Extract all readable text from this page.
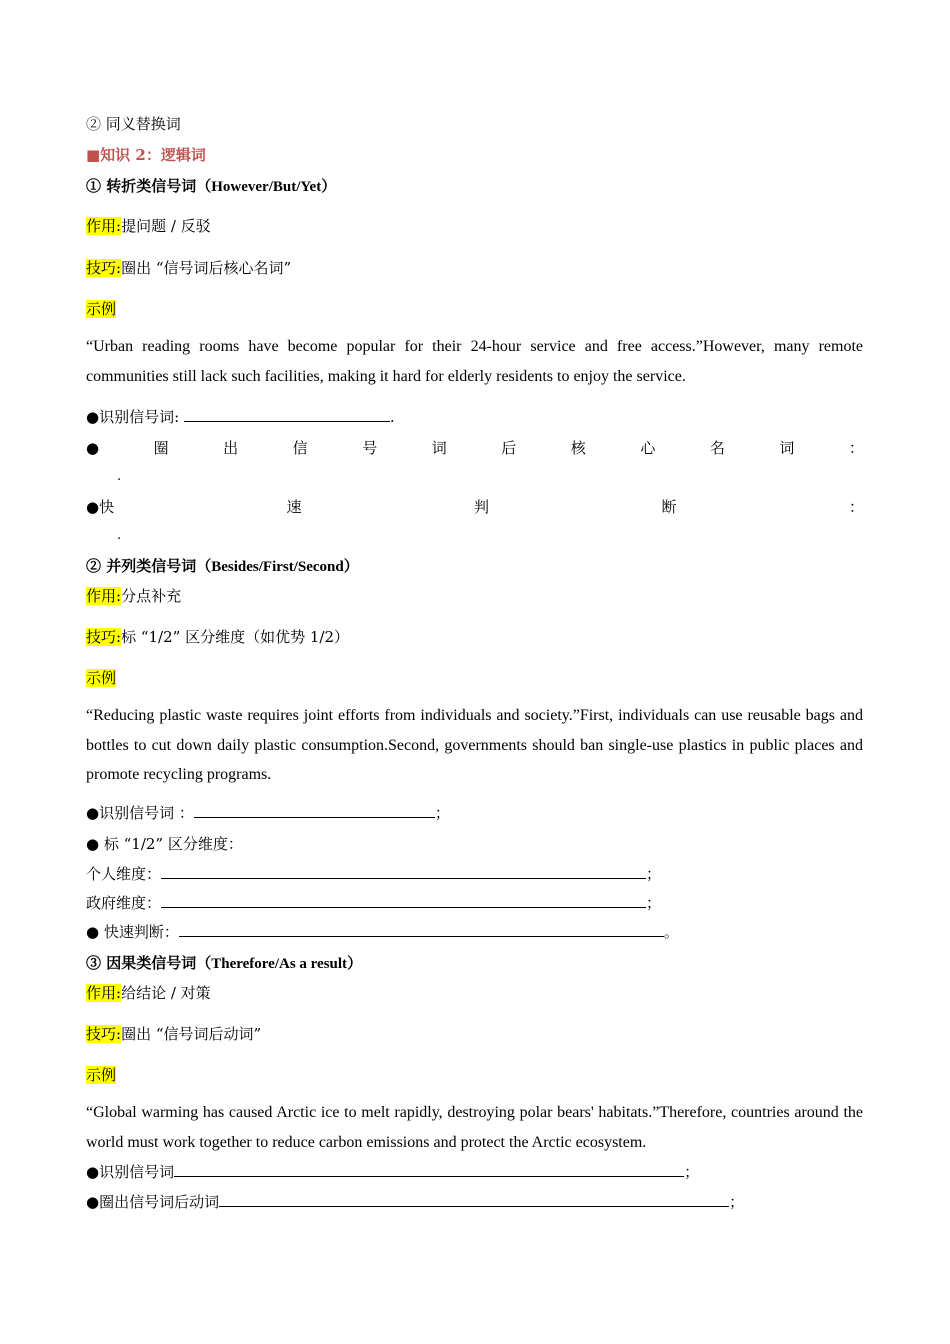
② 同义替换词
■知识 2：逻辑词
① 转折类信号词（However/But/Yet）
作用:提问题 / 反驳
技巧:圈出 “信号词后核心名词”
示例
“Urban reading rooms have become popular for their 24-hour service and free access.”However, many remote communities still lack such facilities, making it hard for elderly residents to enjoy the service.
●识别信号词:	.
●	圈	出	信	号	词	后	核	心	名	词	：
.
●快	速	判	断	：
.
② 并列类信号词（Besides/First/Second）
作用:分点补充
技巧:标 “1/2” 区分维度（如优势 1/2）
示例
“Reducing plastic waste requires joint efforts from individuals and society.”First, individuals can use reusable bags and bottles to cut down daily plastic consumption.Second, governments should ban single-use plastics in public places and promote recycling programs.
●识别信号词 ：	；
● 标 “1/2” 区分维度：
个人维度：	；
政府维度：	；
● 快速判断：	。
③ 因果类信号词（Therefore/As a result）
作用:给结论 / 对策
技巧:圈出 “信号词后动词”
示例
“Global warming has caused Arctic ice to melt rapidly, destroying polar bears' habitats.”Therefore, countries around the world must work together to reduce carbon emissions and protect the Arctic ecosystem.
●识别信号词	；
●圈出信号词后动词	；
